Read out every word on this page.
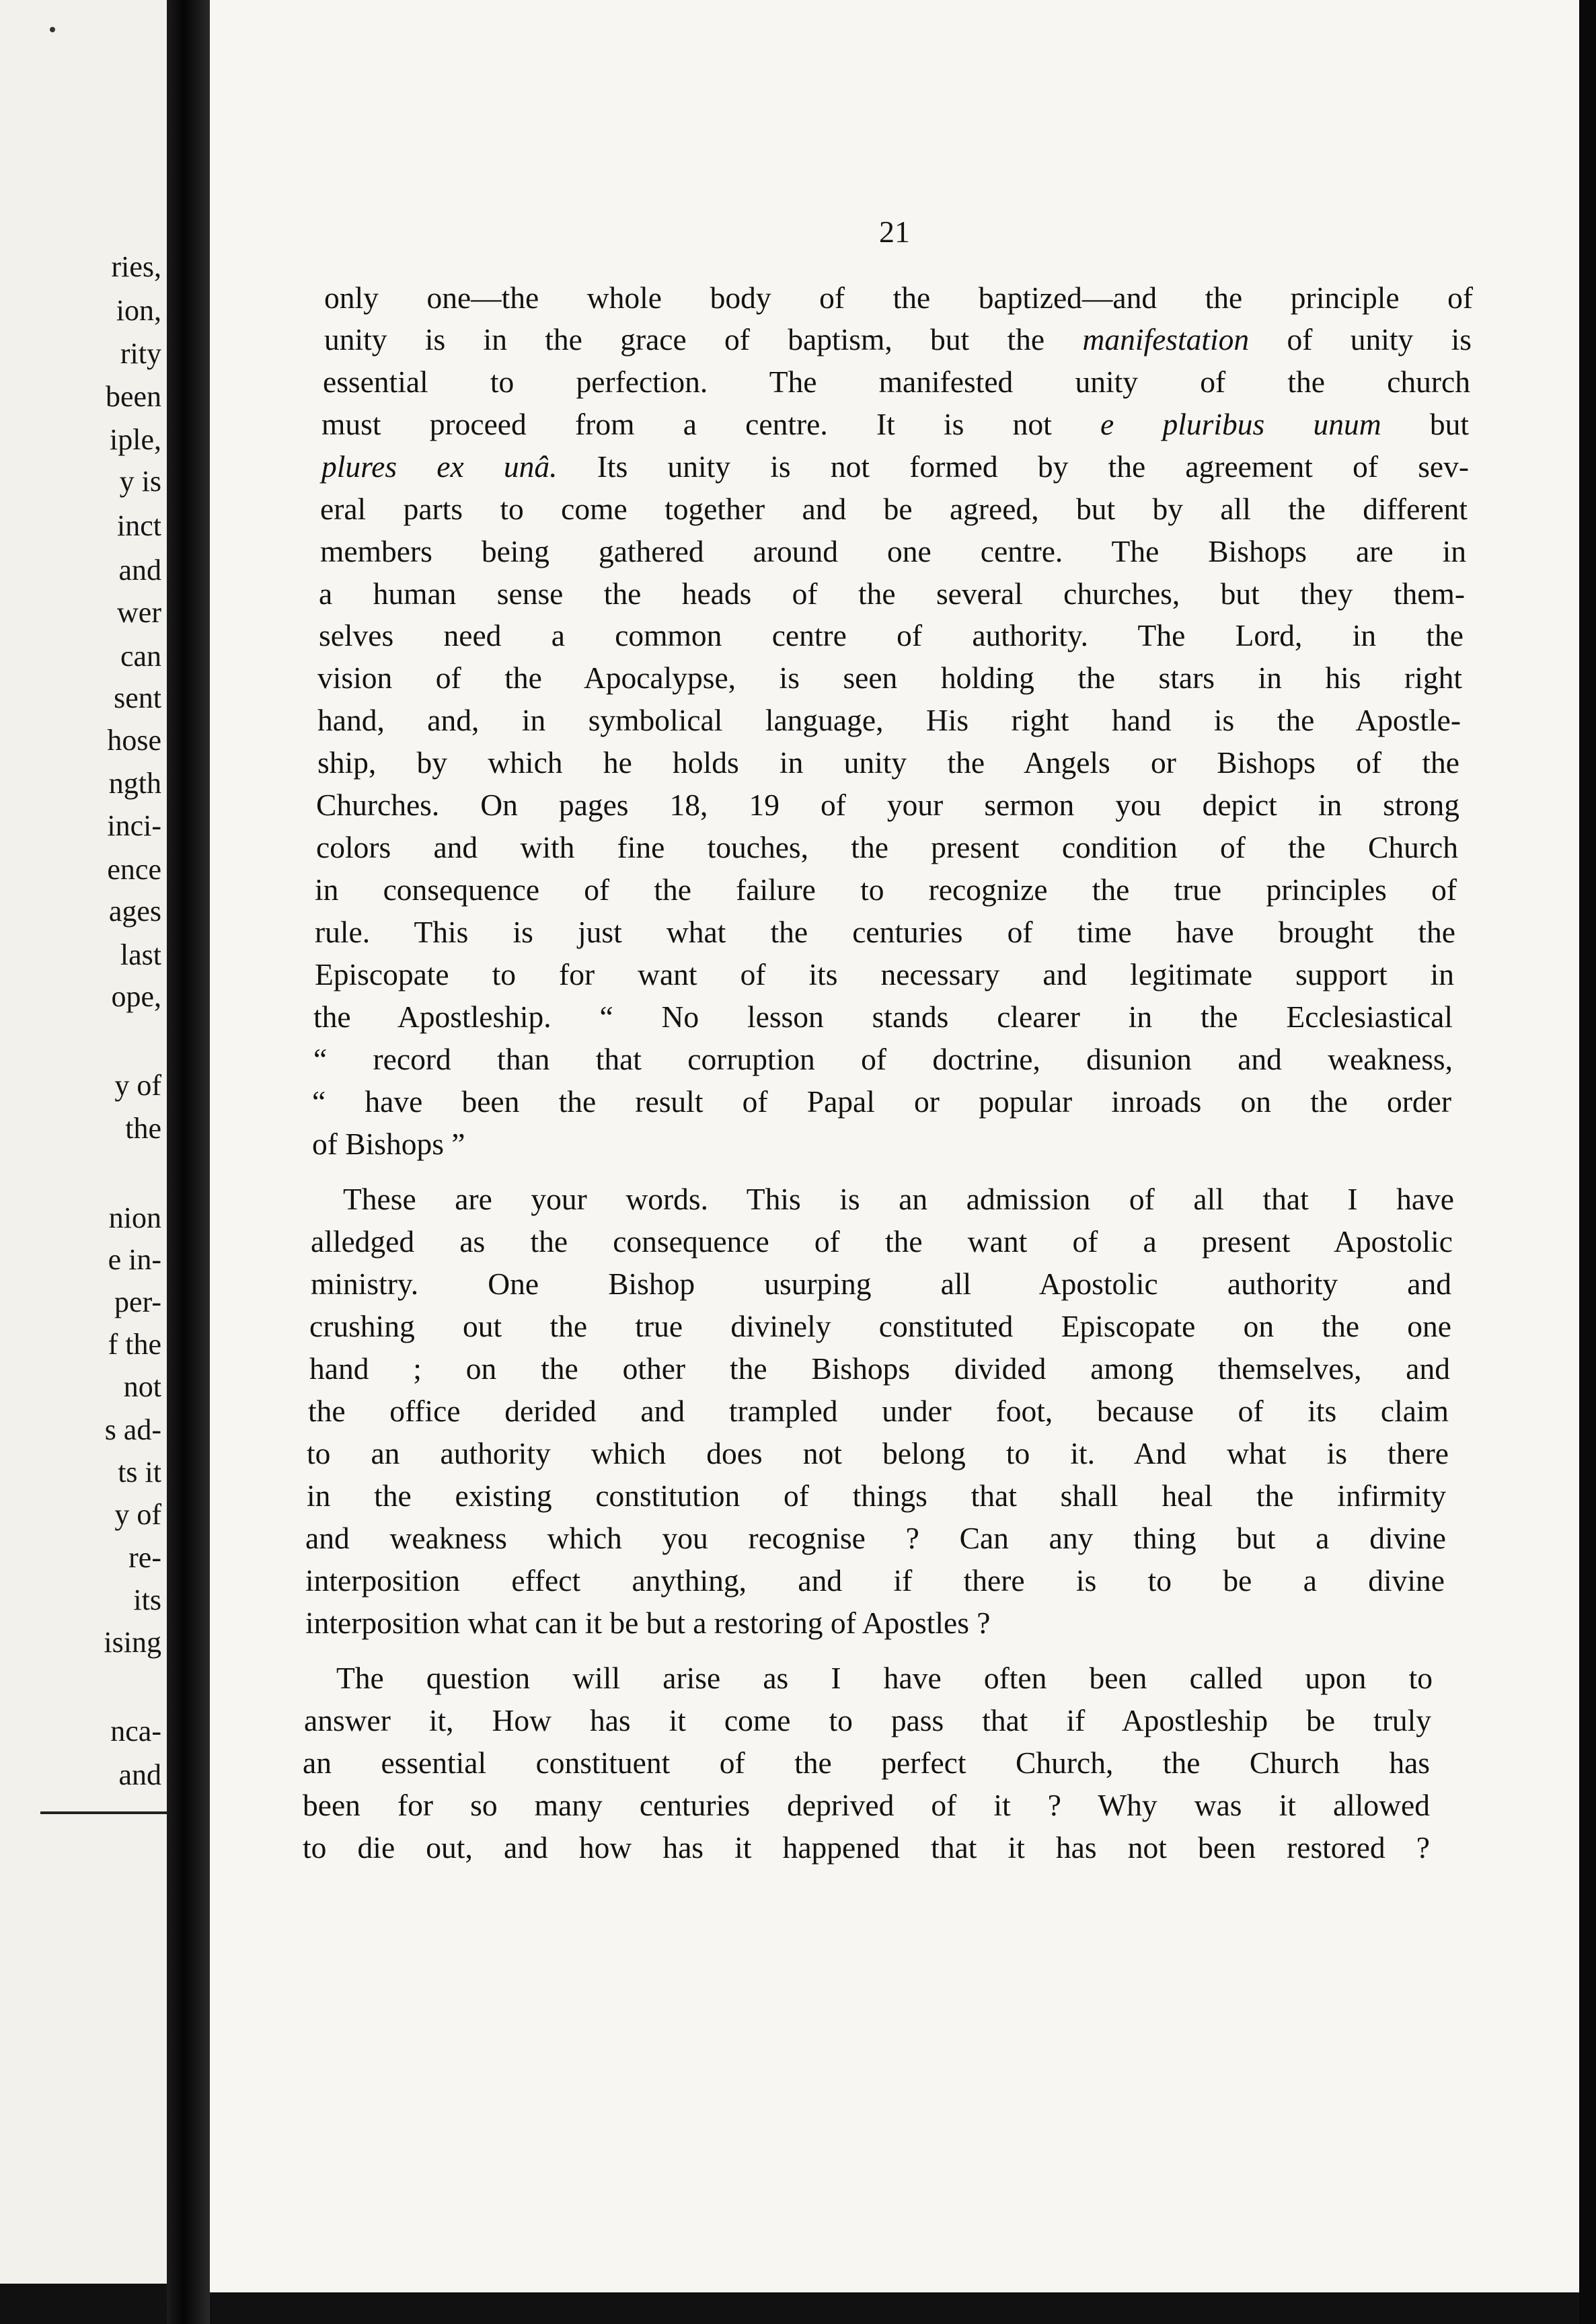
ries,
ion,
rity
been
iple,
y is
inct
and
wer
can
sent
hose
ngth
inci-
ence
ages
last
ope,
y of
the
nion
e in-
per-
f the
not
s ad-
ts it
y of
re-
its
ising
nca-
and
21
only one—the whole body of the baptized—and the principle of
unity is in the grace of baptism, but the manifestation of unity is
essential to perfection. The manifested unity of the church
must proceed from a centre. It is not e pluribus unum but
plures ex unâ. Its unity is not formed by the agreement of sev-
eral parts to come together and be agreed, but by all the different
members being gathered around one centre. The Bishops are in
a human sense the heads of the several churches, but they them-
selves need a common centre of authority. The Lord, in the
vision of the Apocalypse, is seen holding the stars in his right
hand, and, in symbolical language, His right hand is the Apostle-
ship, by which he holds in unity the Angels or Bishops of the
Churches. On pages 18, 19 of your sermon you depict in strong
colors and with fine touches, the present condition of the Church
in consequence of the failure to recognize the true principles of
rule. This is just what the centuries of time have brought the
Episcopate to for want of its necessary and legitimate support in
the Apostleship. “ No lesson stands clearer in the Ecclesiastical
“ record than that corruption of doctrine, disunion and weakness,
“ have been the result of Papal or popular inroads on the order
of Bishops ”
These are your words. This is an admission of all that I have
alledged as the consequence of the want of a present Apostolic
ministry. One Bishop usurping all Apostolic authority and
crushing out the true divinely constituted Episcopate on the one
hand ; on the other the Bishops divided among themselves, and
the office derided and trampled under foot, because of its claim
to an authority which does not belong to it. And what is there
in the existing constitution of things that shall heal the infirmity
and weakness which you recognise ? Can any thing but a divine
interposition effect anything, and if there is to be a divine
interposition what can it be but a restoring of Apostles ?
The question will arise as I have often been called upon to
answer it, How has it come to pass that if Apostleship be truly
an essential constituent of the perfect Church, the Church has
been for so many centuries deprived of it ? Why was it allowed
to die out, and how has it happened that it has not been restored ?
